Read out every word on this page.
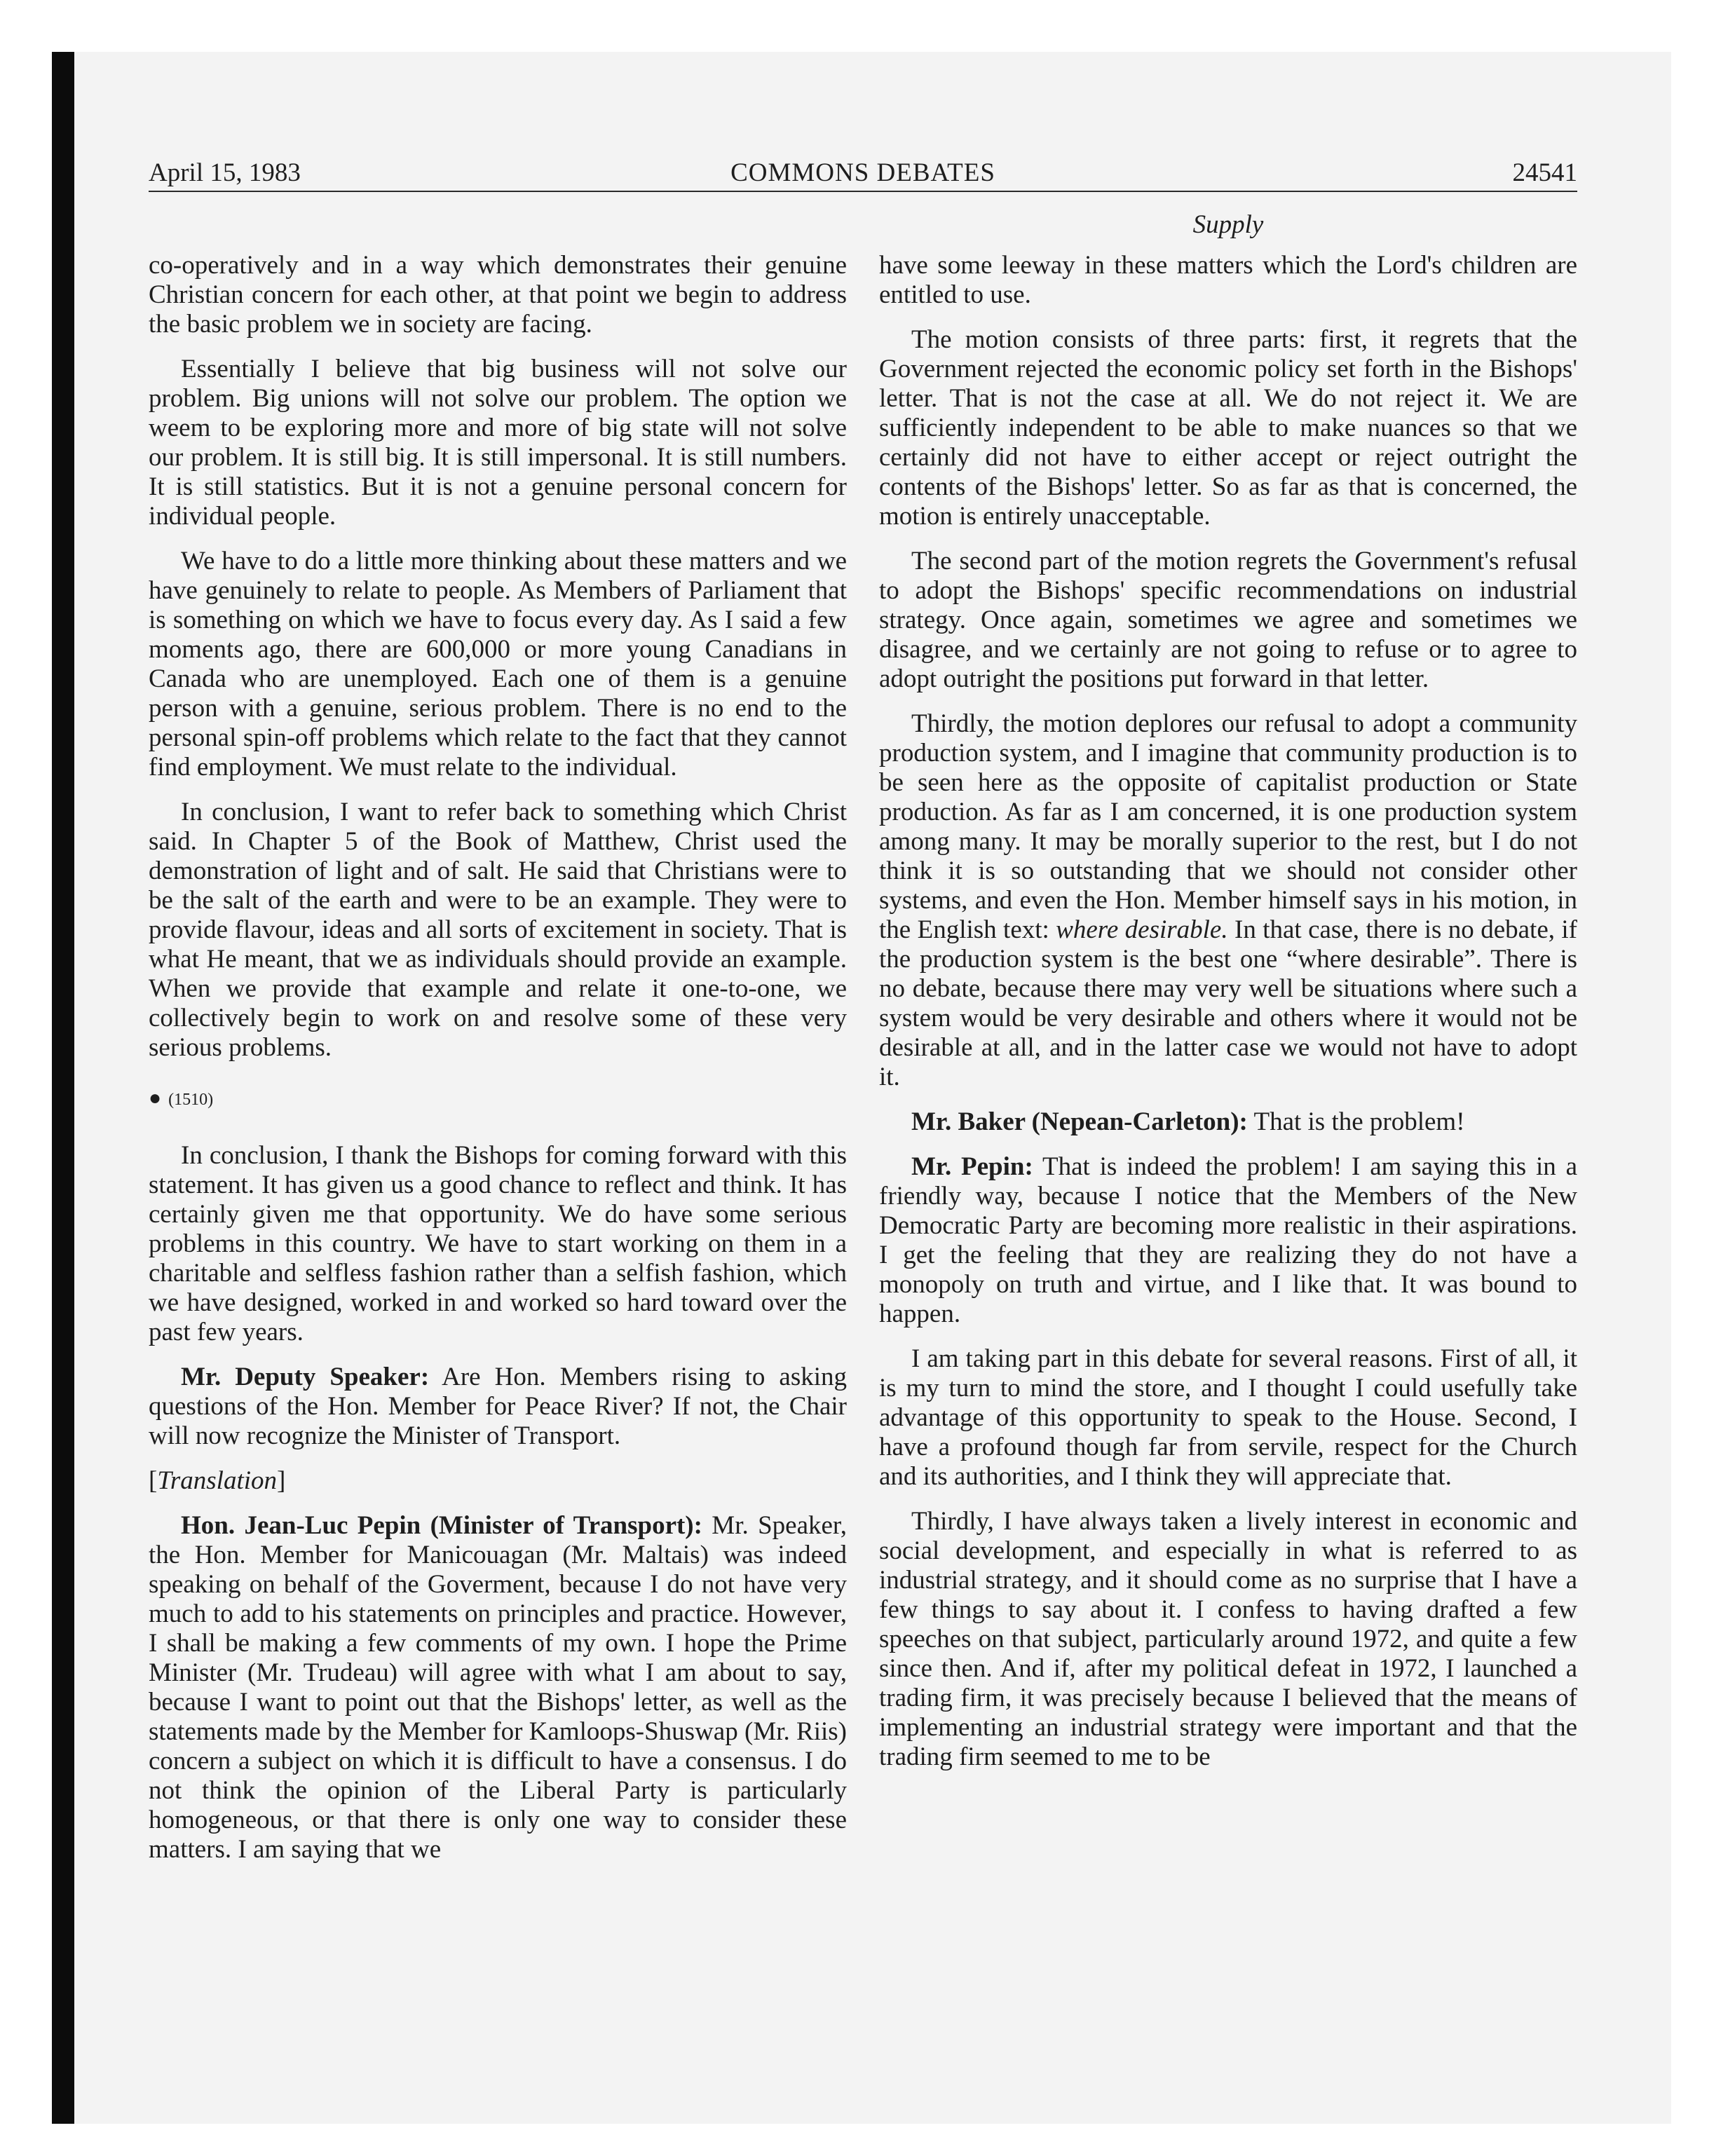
April 15, 1983	COMMONS DEBATES	24541
Supply

co-operatively and in a way which demonstrates their genuine Christian concern for each other, at that point we begin to address the basic problem we in society are facing.

Essentially I believe that big business will not solve our problem. Big unions will not solve our problem. The option we weem to be exploring more and more of big state will not solve our problem. It is still big. It is still impersonal. It is still numbers. It is still statistics. But it is not a genuine personal concern for individual people.

We have to do a little more thinking about these matters and we have genuinely to relate to people. As Members of Parliament that is something on which we have to focus every day. As I said a few moments ago, there are 600,000 or more young Canadians in Canada who are unemployed. Each one of them is a genuine person with a genuine, serious problem. There is no end to the personal spin-off problems which relate to the fact that they cannot find employment. We must relate to the individual.

In conclusion, I want to refer back to something which Christ said. In Chapter 5 of the Book of Matthew, Christ used the demonstration of light and of salt. He said that Christians were to be the salt of the earth and were to be an example. They were to provide flavour, ideas and all sorts of excitement in society. That is what He meant, that we as individuals should provide an example. When we provide that example and relate it one-to-one, we collectively begin to work on and resolve some of these very serious problems.

● (1510)

In conclusion, I thank the Bishops for coming forward with this statement. It has given us a good chance to reflect and think. It has certainly given me that opportunity. We do have some serious problems in this country. We have to start working on them in a charitable and selfless fashion rather than a selfish fashion, which we have designed, worked in and worked so hard toward over the past few years.

Mr. Deputy Speaker: Are Hon. Members rising to asking questions of the Hon. Member for Peace River? If not, the Chair will now recognize the Minister of Transport.

[Translation]

Hon. Jean-Luc Pepin (Minister of Transport): Mr. Speaker, the Hon. Member for Manicouagan (Mr. Maltais) was indeed speaking on behalf of the Goverment, because I do not have very much to add to his statements on principles and practice. However, I shall be making a few comments of my own. I hope the Prime Minister (Mr. Trudeau) will agree with what I am about to say, because I want to point out that the Bishops' letter, as well as the statements made by the Member for Kamloops-Shuswap (Mr. Riis) concern a subject on which it is difficult to have a consensus. I do not think the opinion of the Liberal Party is particularly homogeneous, or that there is only one way to consider these matters. I am saying that we

have some leeway in these matters which the Lord's children are entitled to use.

The motion consists of three parts: first, it regrets that the Government rejected the economic policy set forth in the Bishops' letter. That is not the case at all. We do not reject it. We are sufficiently independent to be able to make nuances so that we certainly did not have to either accept or reject outright the contents of the Bishops' letter. So as far as that is concerned, the motion is entirely unacceptable.

The second part of the motion regrets the Government's refusal to adopt the Bishops' specific recommendations on industrial strategy. Once again, sometimes we agree and sometimes we disagree, and we certainly are not going to refuse or to agree to adopt outright the positions put forward in that letter.

Thirdly, the motion deplores our refusal to adopt a community production system, and I imagine that community production is to be seen here as the opposite of capitalist production or State production. As far as I am concerned, it is one production system among many. It may be morally superior to the rest, but I do not think it is so outstanding that we should not consider other systems, and even the Hon. Member himself says in his motion, in the English text: where desirable. In that case, there is no debate, if the production system is the best one “where desirable”. There is no debate, because there may very well be situations where such a system would be very desirable and others where it would not be desirable at all, and in the latter case we would not have to adopt it.

Mr. Baker (Nepean-Carleton): That is the problem!

Mr. Pepin: That is indeed the problem! I am saying this in a friendly way, because I notice that the Members of the New Democratic Party are becoming more realistic in their aspirations. I get the feeling that they are realizing they do not have a monopoly on truth and virtue, and I like that. It was bound to happen.

I am taking part in this debate for several reasons. First of all, it is my turn to mind the store, and I thought I could usefully take advantage of this opportunity to speak to the House. Second, I have a profound though far from servile, respect for the Church and its authorities, and I think they will appreciate that.

Thirdly, I have always taken a lively interest in economic and social development, and especially in what is referred to as industrial strategy, and it should come as no surprise that I have a few things to say about it. I confess to having drafted a few speeches on that subject, particularly around 1972, and quite a few since then. And if, after my political defeat in 1972, I launched a trading firm, it was precisely because I believed that the means of implementing an industrial strategy were important and that the trading firm seemed to me to be
